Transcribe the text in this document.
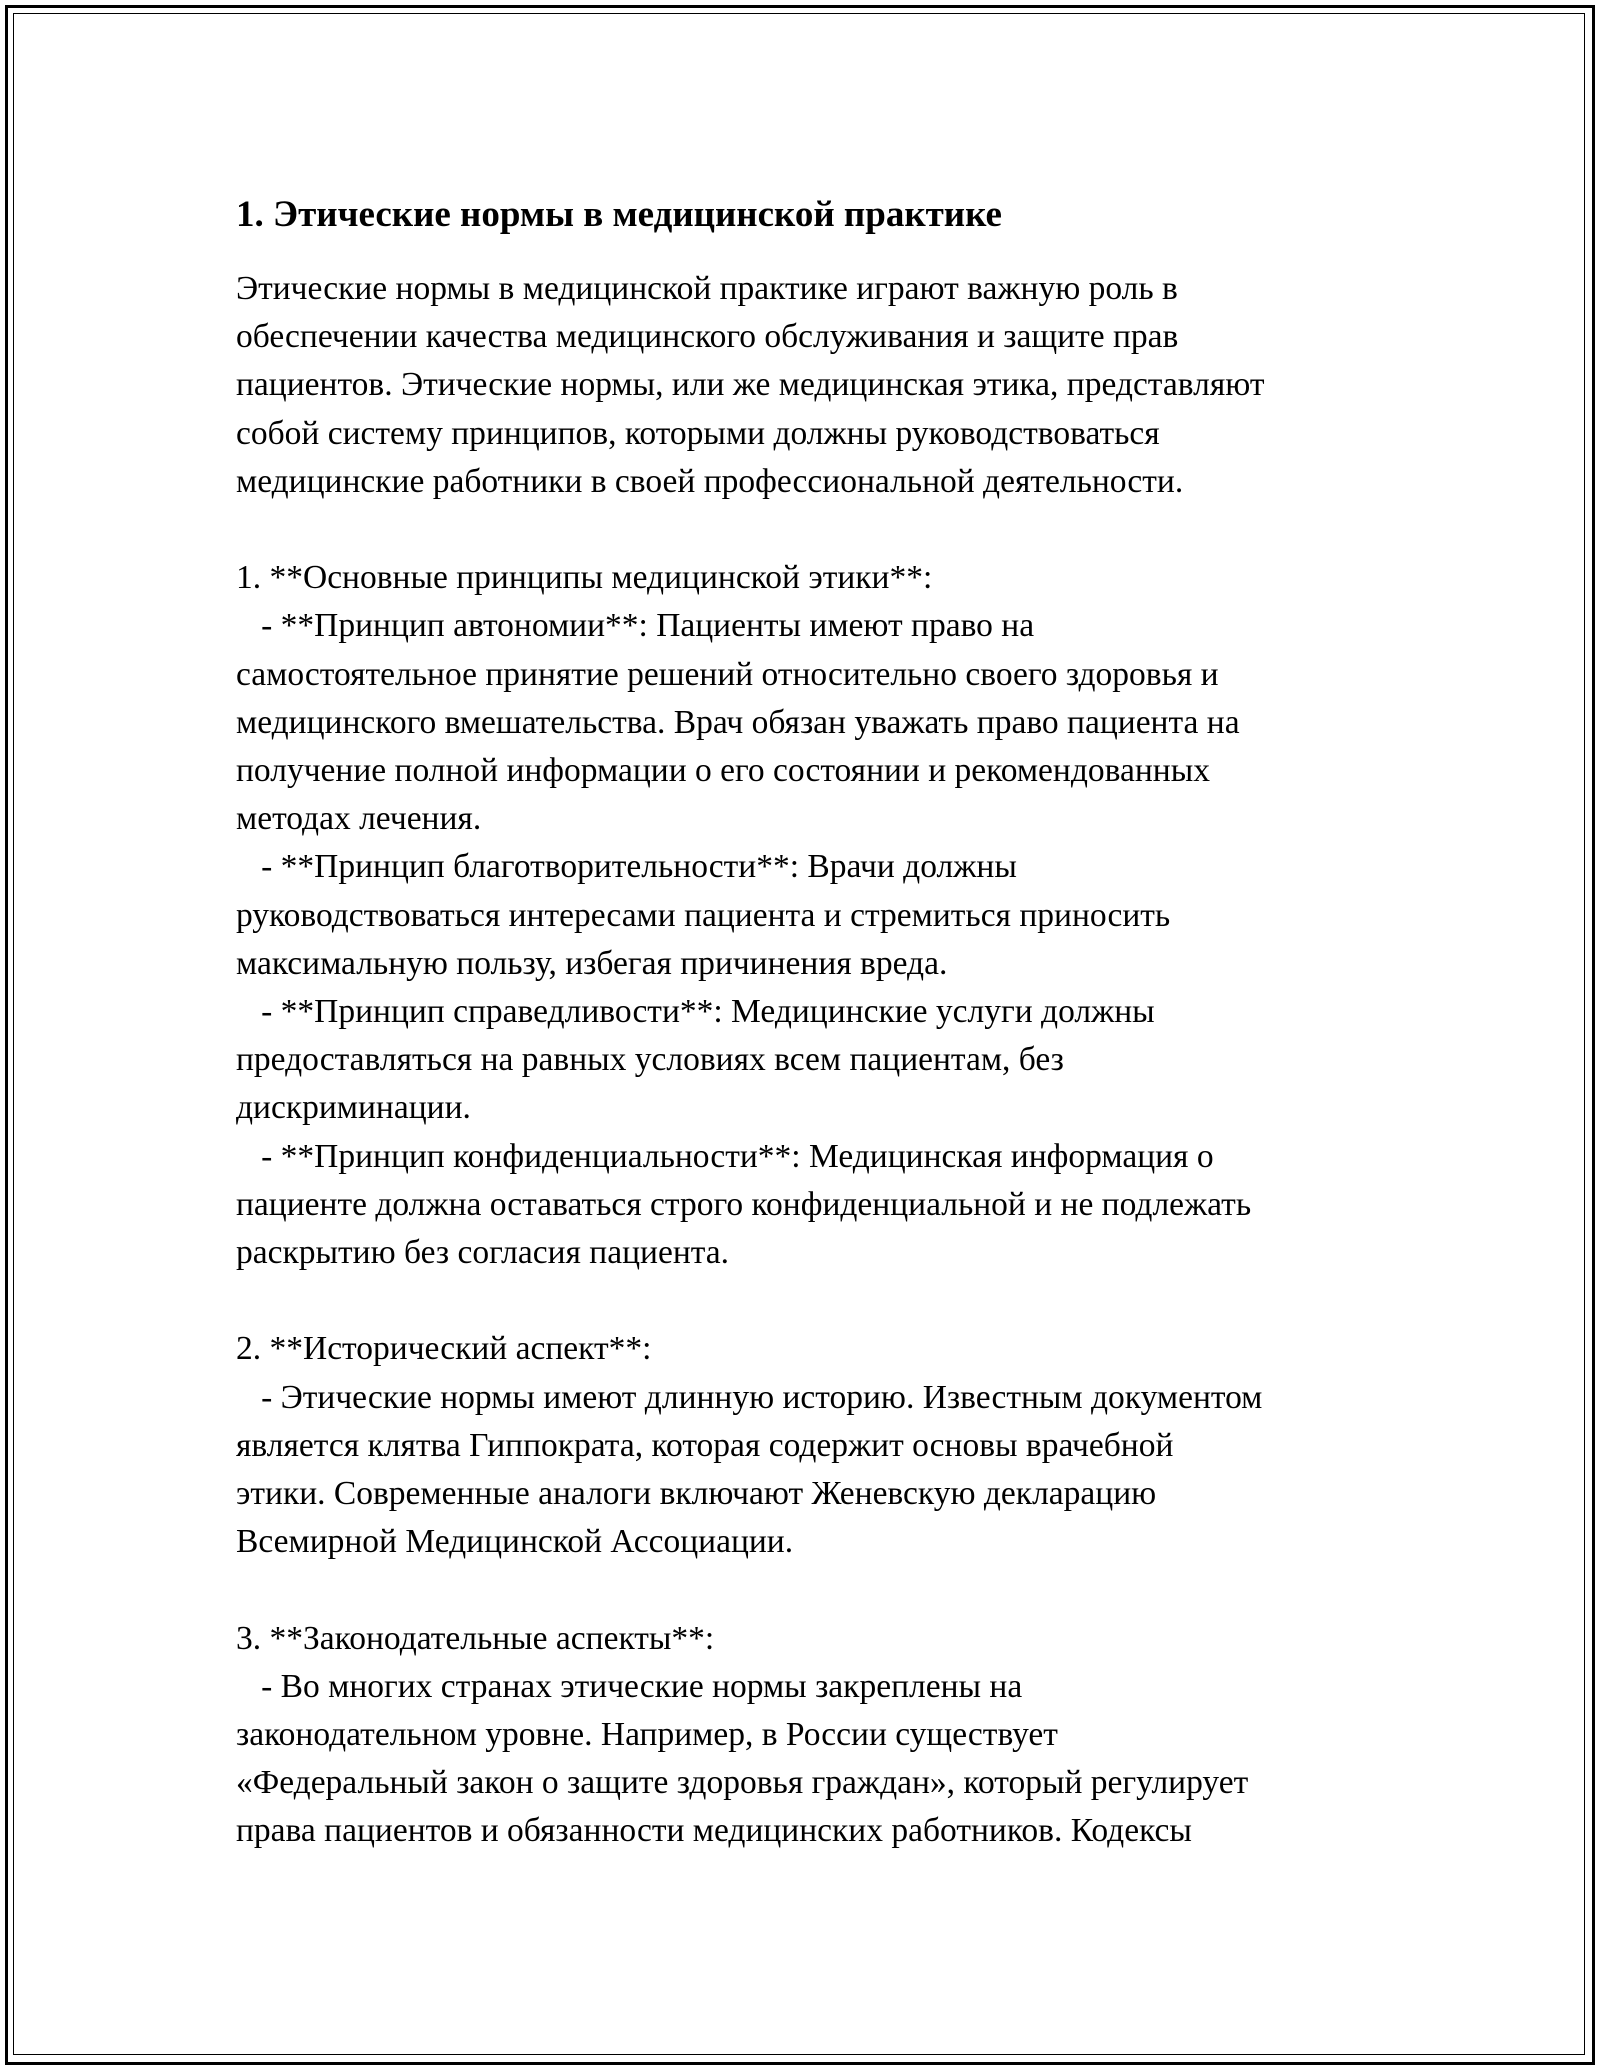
1. Этические нормы в медицинской практике
Этические нормы в медицинской практике играют важную роль в
обеспечении качества медицинского обслуживания и защите прав
пациентов. Этические нормы, или же медицинская этика, представляют
собой систему принципов, которыми должны руководствоваться
медицинские работники в своей профессиональной деятельности.
1. **Основные принципы медицинской этики**:
- **Принцип автономии**: Пациенты имеют право на
самостоятельное принятие решений относительно своего здоровья и
медицинского вмешательства. Врач обязан уважать право пациента на
получение полной информации о его состоянии и рекомендованных
методах лечения.
- **Принцип благотворительности**: Врачи должны
руководствоваться интересами пациента и стремиться приносить
максимальную пользу, избегая причинения вреда.
- **Принцип справедливости**: Медицинские услуги должны
предоставляться на равных условиях всем пациентам, без
дискриминации.
- **Принцип конфиденциальности**: Медицинская информация о
пациенте должна оставаться строго конфиденциальной и не подлежать
раскрытию без согласия пациента.
2. **Исторический аспект**:
- Этические нормы имеют длинную историю. Известным документом
является клятва Гиппократа, которая содержит основы врачебной
этики. Современные аналоги включают Женевскую декларацию
Всемирной Медицинской Ассоциации.
3. **Законодательные аспекты**:
- Во многих странах этические нормы закреплены на
законодательном уровне. Например, в России существует
«Федеральный закон о защите здоровья граждан», который регулирует
права пациентов и обязанности медицинских работников. Кодексы
